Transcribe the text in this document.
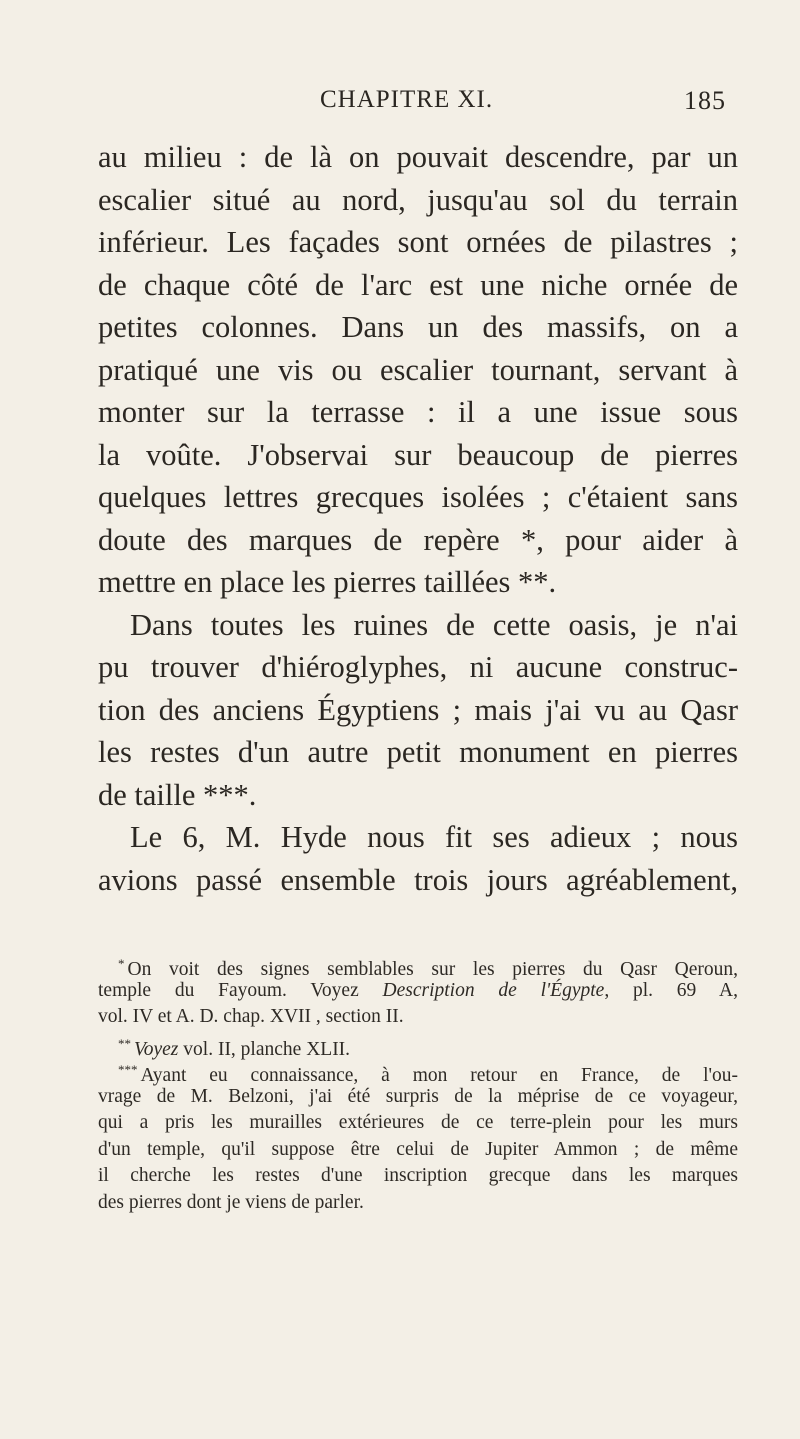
CHAPITRE XI.	185
au milieu : de là on pouvait descendre, par un
escalier situé au nord, jusqu'au sol du terrain
inférieur. Les façades sont ornées de pilastres ;
de chaque côté de l'arc est une niche ornée de
petites colonnes. Dans un des massifs, on a
pratiqué une vis ou escalier tournant, servant à
monter sur la terrasse : il a une issue sous
la voûte. J'observai sur beaucoup de pierres
quelques lettres grecques isolées ; c'étaient sans
doute des marques de repère *, pour aider à
mettre en place les pierres taillées **.
Dans toutes les ruines de cette oasis, je n'ai
pu trouver d'hiéroglyphes, ni aucune construc-
tion des anciens Égyptiens ; mais j'ai vu au Qasr
les restes d'un autre petit monument en pierres
de taille ***.
Le 6, M. Hyde nous fit ses adieux ; nous
avions passé ensemble trois jours agréablement,
* On voit des signes semblables sur les pierres du Qasr Qeroun,
temple du Fayoum. Voyez Description de l'Égypte, pl. 69 A,
vol. IV et A. D. chap. XVII , section II.
** Voyez vol. II, planche XLII.
*** Ayant eu connaissance, à mon retour en France, de l'ou-
vrage de M. Belzoni, j'ai été surpris de la méprise de ce voyageur,
qui a pris les murailles extérieures de ce terre-plein pour les murs
d'un temple, qu'il suppose être celui de Jupiter Ammon ; de même
il cherche les restes d'une inscription grecque dans les marques
des pierres dont je viens de parler.
